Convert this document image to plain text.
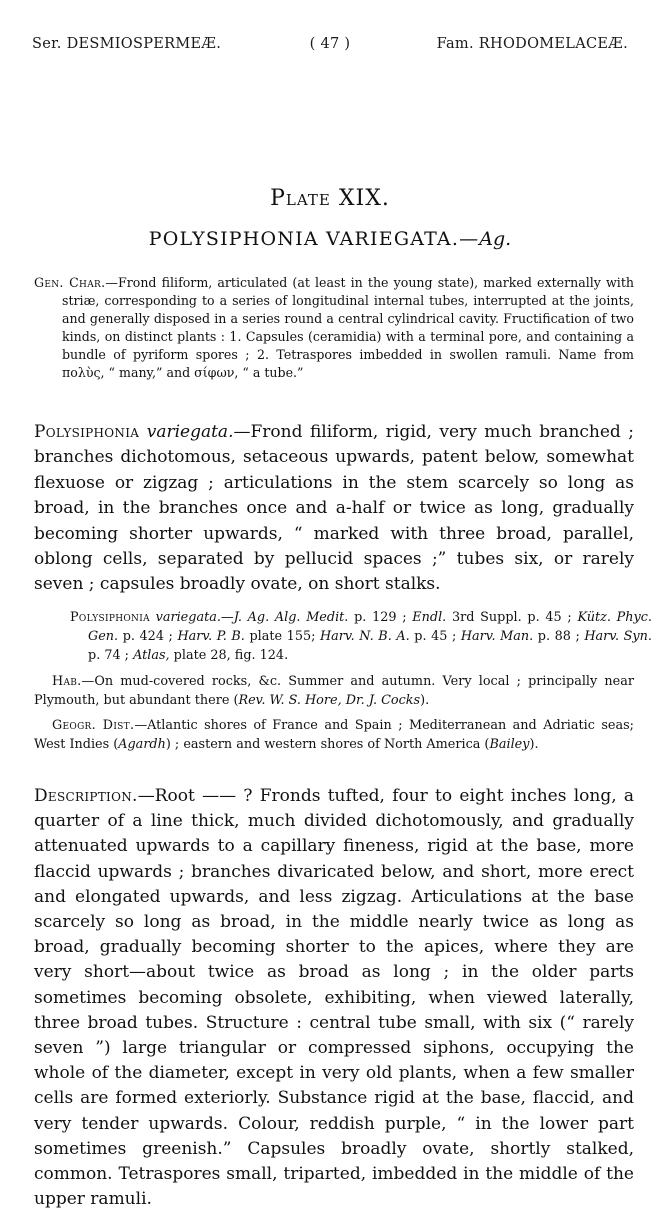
Ser. DESMIOSPERMEÆ.	( 47 )	Fam. RHODOMELACEÆ.
Plate XIX.
POLYSIPHONIA VARIEGATA.—Ag.
Gen. Char.—Frond filiform, articulated (at least in the young state), marked externally with striæ, corresponding to a series of longitudinal internal tubes, interrupted at the joints, and generally disposed in a series round a central cylindrical cavity. Fructification of two kinds, on distinct plants : 1. Capsules (ceramidia) with a terminal pore, and containing a bundle of pyriform spores ; 2. Tetraspores imbedded in swollen ramuli. Name from πολὺς, “ many,” and σίφων, “ a tube.”
Polysiphonia variegata.—Frond filiform, rigid, very much branched ; branches dichotomous, setaceous upwards, patent below, somewhat flexuose or zigzag ; articulations in the stem scarcely so long as broad, in the branches once and a-half or twice as long, gradually becoming shorter upwards, “ marked with three broad, parallel, oblong cells, separated by pellucid spaces ;” tubes six, or rarely seven ; capsules broadly ovate, on short stalks.
Polysiphonia variegata.—J. Ag. Alg. Medit. p. 129 ; Endl. 3rd Suppl. p. 45 ; Kütz. Phyc. Gen. p. 424 ; Harv. P. B. plate 155; Harv. N. B. A. p. 45 ; Harv. Man. p. 88 ; Harv. Syn. p. 74 ; Atlas, plate 28, fig. 124.
Hab.—On mud-covered rocks, &c. Summer and autumn. Very local ; principally near Plymouth, but abundant there (Rev. W. S. Hore, Dr. J. Cocks).
Geogr. Dist.—Atlantic shores of France and Spain ; Mediterranean and Adriatic seas; West Indies (Agardh) ; eastern and western shores of North America (Bailey).
Description.—Root —— ? Fronds tufted, four to eight inches long, a quarter of a line thick, much divided dichotomously, and gradually attenuated upwards to a capillary fineness, rigid at the base, more flaccid upwards ; branches divaricated below, and short, more erect and elongated upwards, and less zigzag. Articulations at the base scarcely so long as broad, in the middle nearly twice as long as broad, gradually becoming shorter to the apices, where they are very short—about twice as broad as long ; in the older parts sometimes becoming obsolete, exhibiting, when viewed laterally, three broad tubes. Structure : central tube small, with six (“ rarely seven ”) large triangular or compressed siphons, occupying the whole of the diameter, except in very old plants, when a few smaller cells are formed exteriorly. Substance rigid at the base, flaccid, and very tender upwards. Colour, reddish purple, “ in the lower part sometimes greenish.” Capsules broadly ovate, shortly stalked, common. Tetraspores small, triparted, imbedded in the middle of the upper ramuli.
